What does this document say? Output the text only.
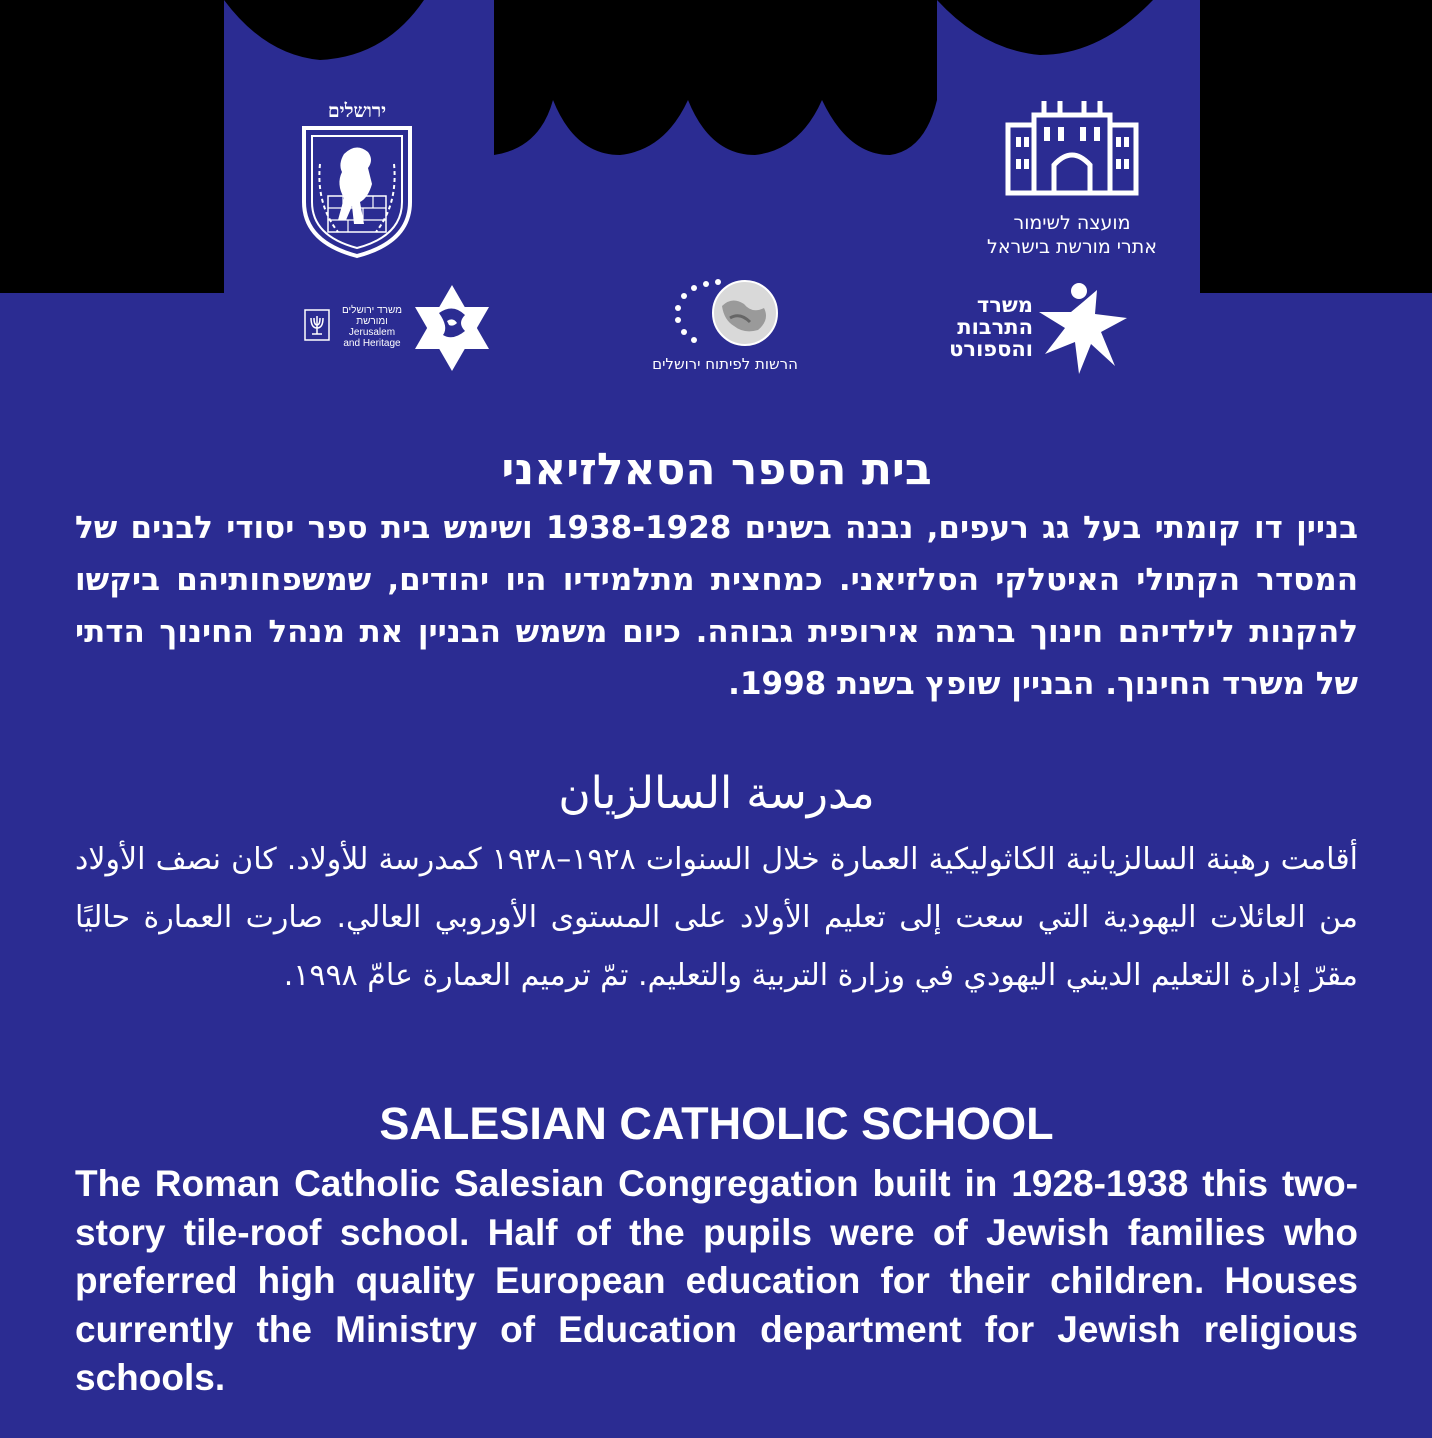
ירושלים
מועצה לשימור
אתרי מורשת בישראל
משרד ירושלים
ומורשת Jerusalem
and Heritage
הרשות לפיתוח ירושלים
משרד
התרבות
והספורט
בית הספר הסאלזיאני
בניין דו קומתי בעל גג רעפים, נבנה בשנים 1938-1928 ושימש בית ספר יסודי לבנים של המסדר הקתולי האיטלקי הסלזיאני. כמחצית מתלמידיו היו יהודים, שמשפחותיהם ביקשו להקנות לילדיהם חינוך ברמה אירופית גבוהה. כיום משמש הבניין את מנהל החינוך הדתי של משרד החינוך. הבניין שופץ בשנת 1998.
مدرسة السالزيان
أقامت رهبنة السالزيانية الكاثوليكية العمارة خلال السنوات ١٩٢٨–١٩٣٨ كمدرسة للأولاد. كان نصف الأولاد من العائلات اليهودية التي سعت إلى تعليم الأولاد على المستوى الأوروبي العالي. صارت العمارة حاليًا مقرّ إدارة التعليم الديني اليهودي في وزارة التربية والتعليم. تمّ ترميم العمارة عامّ ١٩٩٨.
SALESIAN CATHOLIC SCHOOL
The Roman Catholic Salesian Congregation built in 1928-1938 this two-story tile-roof school. Half of the pupils were of Jewish families who preferred high quality European education for their children. Houses currently the Ministry of Education department for Jewish religious schools.
